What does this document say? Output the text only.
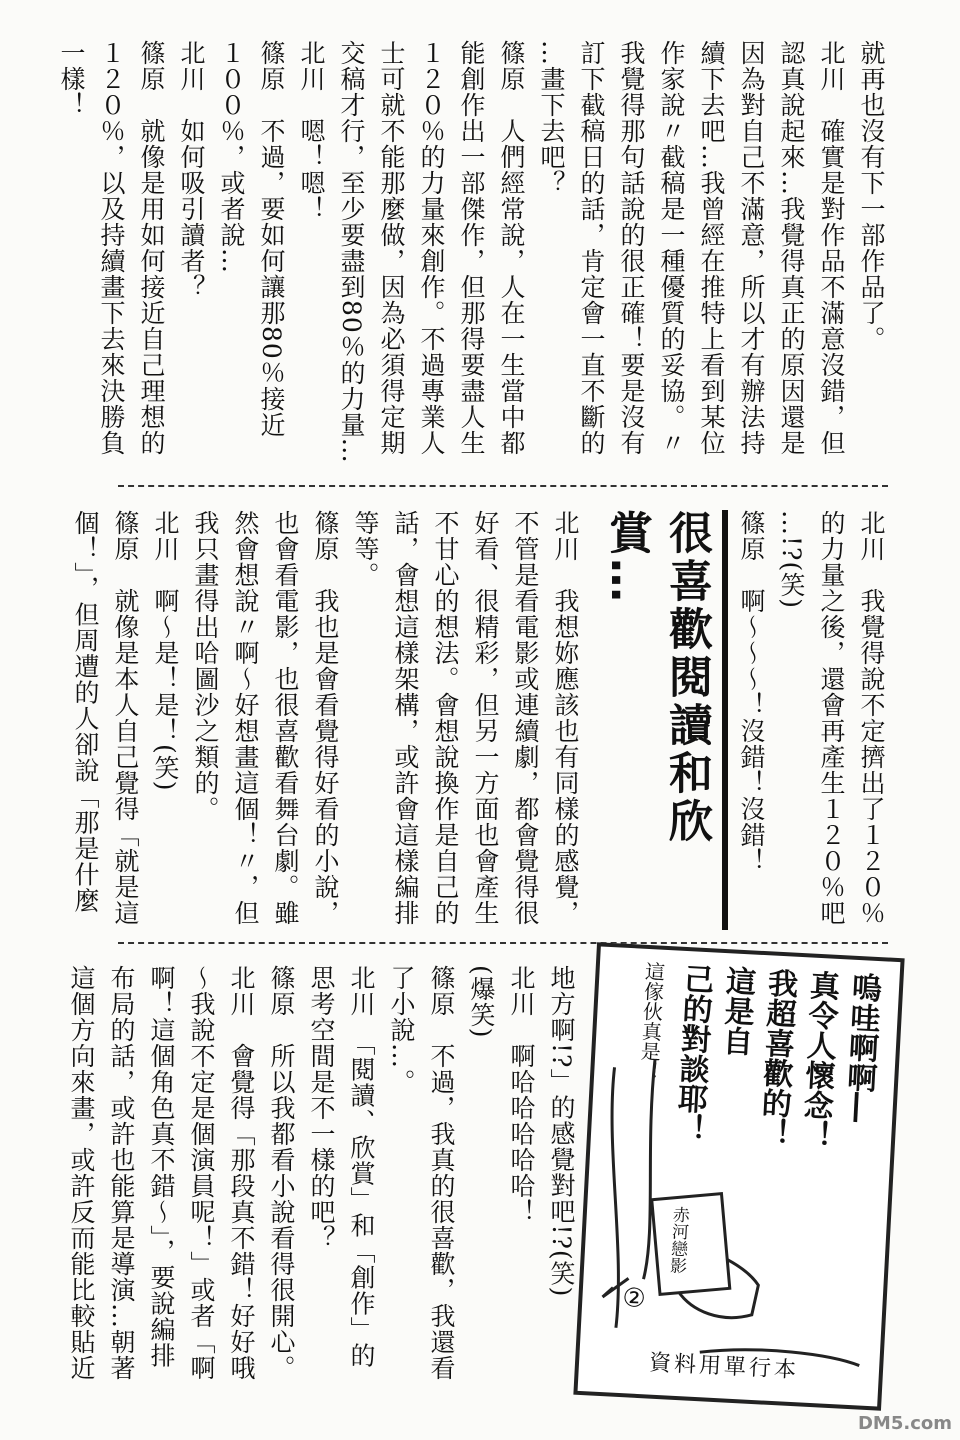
就再也沒有下一部作品了。
北川　確實是對作品不滿意沒錯，但
認真說起來…我覺得真正的原因還是
因為對自己不滿意，所以才有辦法持
續下去吧…我曾經在推特上看到某位
作家說〃截稿是一種優質的妥協。〃
我覺得那句話說的很正確！要是沒有
訂下截稿日的話，肯定會一直不斷的
…畫下去吧？
篠原　人們經常說，人在一生當中都
能創作出一部傑作，但那得要盡人生
１２０％的力量來創作。不過專業人
士可就不能那麼做，因為必須得定期
交稿才行，至少要盡到80％的力量…
北川　嗯！嗯！
篠原　不過，要如何讓那80％接近
１００％，或者說…
北川　如何吸引讀者？
篠原　就像是用如何接近自己理想的
１２０％，以及持續畫下去來決勝負
一樣！
北川　我覺得說不定擠出了１２０％
的力量之後，還會再產生１２０％吧
…!?(笑)
篠原　啊～～～！沒錯！沒錯！
很喜歡閱讀和欣賞…
北川　我想妳應該也有同樣的感覺，
不管是看電影或連續劇，都會覺得很
好看、很精彩，但另一方面也會產生
不甘心的想法。會想說換作是自己的
話，會想這樣架構，或許會這樣編排
等等。
篠原　我也是會看覺得好看的小說，
也會看電影，也很喜歡看舞台劇。雖
然會想說〃啊～好想畫這個！〃，但
我只畫得出哈圖沙之類的。
北川　啊～是！是！(笑)
篠原　就像是本人自己覺得「就是這
個！」，但周遭的人卻說「那是什麼
地方啊!?」的感覺對吧!?(笑)
北川　啊哈哈哈哈哈！
(爆笑)
篠原　不過，我真的很喜歡，我還看
了小說…。
北川　「閱讀、欣賞」和「創作」的
思考空間是不一樣的吧？
篠原　所以我都看小說看得很開心。
北川　會覺得「那段真不錯！好好哦
～我說不定是個演員呢！」或者「啊
啊！這個角色真不錯～」，要說編排
布局的話，或許也能算是導演…朝著
這個方向來畫，或許反而能比較貼近	嗚哇啊啊―
真令人懷念！
我超喜歡的！
這是自
己的對談耶！
這傢伙真是！
赤河戀影
②
資料用單行本
DM5.com
